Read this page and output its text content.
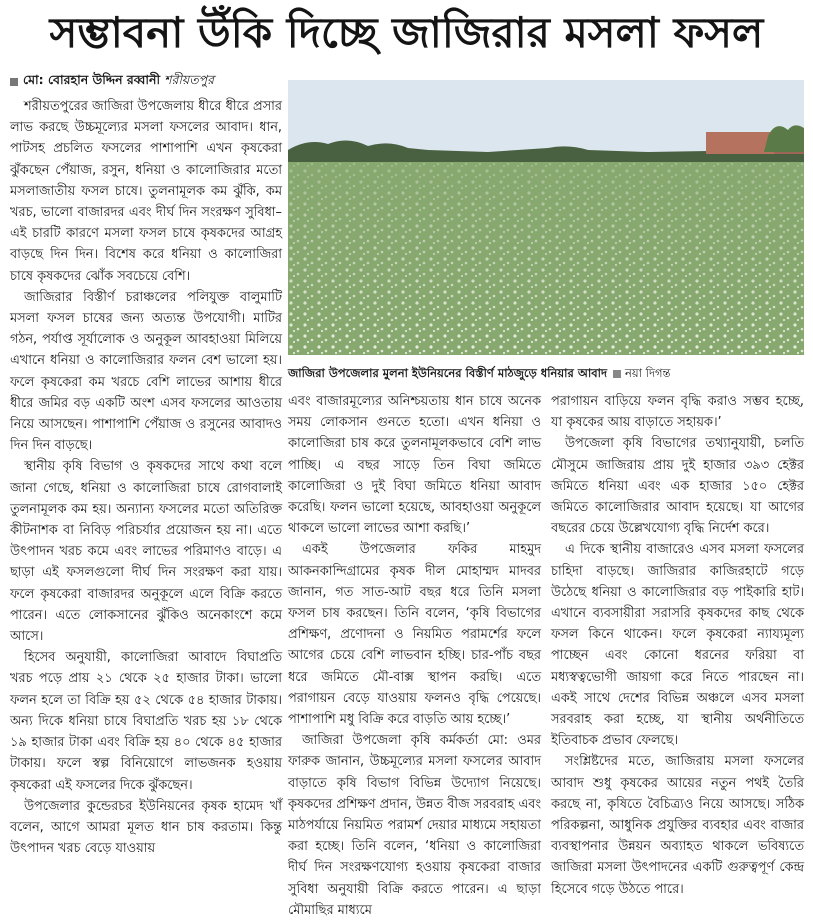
সম্ভাবনা উঁকি দিচ্ছে জাজিরার মসলা ফসল
মো: বোরহান উদ্দিন রব্বানী শরীয়তপুর

শরীয়তপুরের জাজিরা উপজেলায় ধীরে ধীরে প্রসার লাভ করছে উচ্চমূল্যের মসলা ফসলের আবাদ। ধান, পাটসহ প্রচলিত ফসলের পাশাপাশি এখন কৃষকেরা ঝুঁকছেন পেঁয়াজ, রসুন, ধনিয়া ও কালোজিরার মতো মসলাজাতীয় ফসল চাষে। তুলনামূলক কম ঝুঁকি, কম খরচ, ভালো বাজারদর এবং দীর্ঘ দিন সংরক্ষণ সুবিধা– এই চারটি কারণে মসলা ফসল চাষে কৃষকদের আগ্রহ বাড়ছে দিন দিন। বিশেষ করে ধনিয়া ও কালোজিরা চাষে কৃষকদের ঝোঁক সবচেয়ে বেশি।

জাজিরার বিস্তীর্ণ চরাঞ্চলের পলিযুক্ত বালুমাটি মসলা ফসল চাষের জন্য অত্যন্ত উপযোগী। মাটির গঠন, পর্যাপ্ত সূর্যালোক ও অনুকূল আবহাওয়া মিলিয়ে এখানে ধনিয়া ও কালোজিরার ফলন বেশ ভালো হয়। ফলে কৃষকেরা কম খরচে বেশি লাভের আশায় ধীরে ধীরে জমির বড় একটি অংশ এসব ফসলের আওতায় নিয়ে আসছেন। পাশাপাশি পেঁয়াজ ও রসুনের আবাদও দিন দিন বাড়ছে।

স্থানীয় কৃষি বিভাগ ও কৃষকদের সাথে কথা বলে জানা গেছে, ধনিয়া ও কালোজিরা চাষে রোগবালাই তুলনামূলক কম হয়। অন্যান্য ফসলের মতো অতিরিক্ত কীটনাশক বা নিবিড় পরিচর্যার প্রয়োজন হয় না। এতে উৎপাদন খরচ কমে এবং লাভের পরিমাণও বাড়ে। এ ছাড়া এই ফসলগুলো দীর্ঘ দিন সংরক্ষণ করা যায়। ফলে কৃষকেরা বাজারদর অনুকূলে এলে বিক্রি করতে পারেন। এতে লোকসানের ঝুঁকিও অনেকাংশে কমে আসে।

হিসেব অনুযায়ী, কালোজিরা আবাদে বিঘাপ্রতি খরচ পড়ে প্রায় ২১ থেকে ২৫ হাজার টাকা। ভালো ফলন হলে তা বিক্রি হয় ৫২ থেকে ৫৪ হাজার টাকায়। অন্য দিকে ধনিয়া চাষে বিঘাপ্রতি খরচ হয় ১৮ থেকে ১৯ হাজার টাকা এবং বিক্রি হয় ৪০ থেকে ৪৫ হাজার টাকায়। ফলে স্বল্প বিনিয়োগে লাভজনক হওয়ায় কৃষকেরা এই ফসলের দিকে ঝুঁকছেন।

উপজেলার কুন্ডেরচর ইউনিয়নের কৃষক হামেদ খাঁ বলেন, আগে আমরা মূলত ধান চাষ করতাম। কিন্তু উৎপাদন খরচ বেড়ে যাওয়ায়

জাজিরা উপজেলার মুলনা ইউনিয়নের বিস্তীর্ণ মাঠজুড়ে ধনিয়ার আবাদ নয়া দিগন্ত

এবং বাজারমূল্যের অনিশ্চয়তায় ধান চাষে অনেক সময় লোকসান গুনতে হতো। এখন ধনিয়া ও কালোজিরা চাষ করে তুলনামূলকভাবে বেশি লাভ পাচ্ছি। এ বছর সাড়ে তিন বিঘা জমিতে কালোজিরা ও দুই বিঘা জমিতে ধনিয়া আবাদ করেছি। ফলন ভালো হয়েছে, আবহাওয়া অনুকূলে থাকলে ভালো লাভের আশা করছি।’

একই উপজেলার ফকির মাহমুদ আকনকান্দিগ্রামের কৃষক দীল মোহাম্মদ মাদবর জানান, গত সাত-আট বছর ধরে তিনি মসলা ফসল চাষ করছেন। তিনি বলেন, ‘কৃষি বিভাগের প্রশিক্ষণ, প্রণোদনা ও নিয়মিত পরামর্শের ফলে আগের চেয়ে বেশি লাভবান হচ্ছি। চার-পাঁচ বছর ধরে জমিতে মৌ-বাক্স স্থাপন করছি। এতে পরাগায়ন বেড়ে যাওয়ায় ফলনও বৃদ্ধি পেয়েছে। পাশাপাশি মধু বিক্রি করে বাড়তি আয় হচ্ছে।’

জাজিরা উপজেলা কৃষি কর্মকর্তা মো: ওমর ফারুক জানান, উচ্চমূল্যের মসলা ফসলের আবাদ বাড়াতে কৃষি বিভাগ বিভিন্ন উদ্যোগ নিয়েছে। কৃষকদের প্রশিক্ষণ প্রদান, উন্নত বীজ সরবরাহ এবং মাঠপর্যায়ে নিয়মিত পরামর্শ দেয়ার মাধ্যমে সহায়তা করা হচ্ছে। তিনি বলেন, ‘ধনিয়া ও কালোজিরা দীর্ঘ দিন সংরক্ষণযোগ্য হওয়ায় কৃষকেরা বাজার সুবিধা অনুযায়ী বিক্রি করতে পারেন। এ ছাড়া মৌমাছির মাধ্যমে

পরাগায়ন বাড়িয়ে ফলন বৃদ্ধি করাও সম্ভব হচ্ছে, যা কৃষকের আয় বাড়াতে সহায়ক।’

উপজেলা কৃষি বিভাগের তথ্যানুযায়ী, চলতি মৌসুমে জাজিরায় প্রায় দুই হাজার ৩৯৩ হেক্টর জমিতে ধনিয়া এবং এক হাজার ১৫০ হেক্টর জমিতে কালোজিরার আবাদ হয়েছে। যা আগের বছরের চেয়ে উল্লেখযোগ্য বৃদ্ধি নির্দেশ করে।

এ দিকে স্থানীয় বাজারেও এসব মসলা ফসলের চাহিদা বাড়ছে। জাজিরার কাজিরহাটে গড়ে উঠেছে ধনিয়া ও কালোজিরার বড় পাইকারি হাট। এখানে ব্যবসায়ীরা সরাসরি কৃষকদের কাছ থেকে ফসল কিনে থাকেন। ফলে কৃষকেরা ন্যায্যমূল্য পাচ্ছেন এবং কোনো ধরনের ফরিয়া বা মধ্যস্বত্বভোগী জায়গা করে নিতে পারছেন না। একই সাথে দেশের বিভিন্ন অঞ্চলে এসব মসলা সরবরাহ করা হচ্ছে, যা স্থানীয় অর্থনীতিতে ইতিবাচক প্রভাব ফেলছে।

সংশ্লিষ্টদের মতে, জাজিরায় মসলা ফসলের আবাদ শুধু কৃষকের আয়ের নতুন পথই তৈরি করছে না, কৃষিতে বৈচিত্র্যও নিয়ে আসছে। সঠিক পরিকল্পনা, আধুনিক প্রযুক্তির ব্যবহার এবং বাজার ব্যবস্থাপনার উন্নয়ন অব্যাহত থাকলে ভবিষ্যতে জাজিরা মসলা উৎপাদনের একটি গুরুত্বপূর্ণ কেন্দ্র হিসেবে গড়ে উঠতে পারে।
